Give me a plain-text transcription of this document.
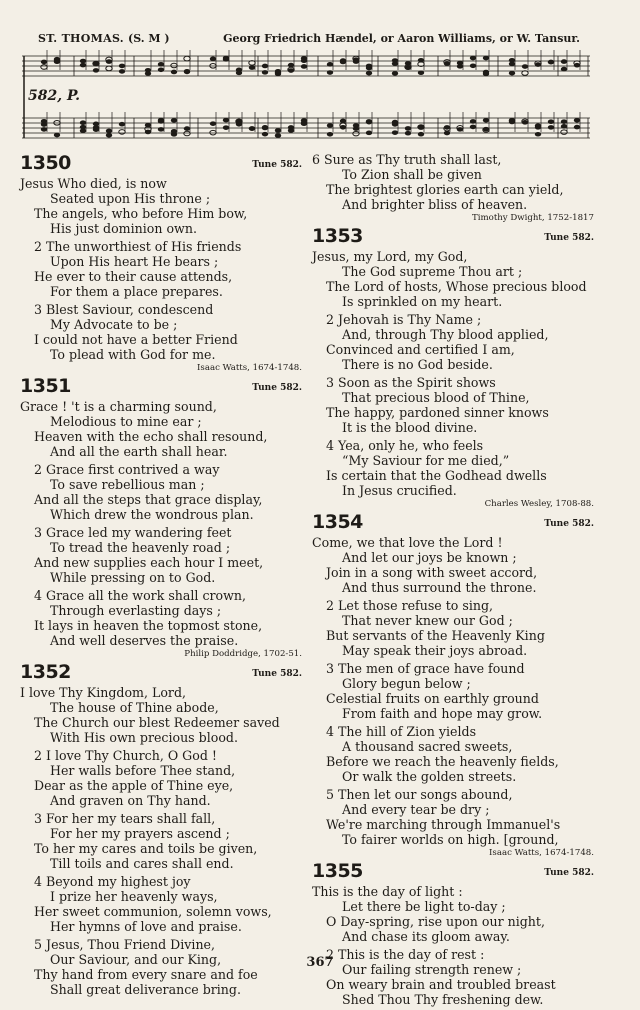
ST. THOMAS. (S. M )	Georg Friedrich Hændel, or Aaron Williams, or W. Tansur.
582, P.
1350	Tune 582.
Jesus Who died, is now
Seated upon His throne ;
The angels, who before Him bow,
His just dominion own.
2 The unworthiest of His friends
Upon His heart He bears ;
He ever to their cause attends,
For them a place prepares.
3 Blest Saviour, condescend
My Advocate to be ;
I could not have a better Friend
To plead with God for me.
Isaac Watts, 1674-1748.
1351	Tune 582.
Grace ! 't is a charming sound,
Melodious to mine ear ;
Heaven with the echo shall resound,
And all the earth shall hear.
2 Grace first contrived a way
To save rebellious man ;
And all the steps that grace display,
Which drew the wondrous plan.
3 Grace led my wandering feet
To tread the heavenly road ;
And new supplies each hour I meet,
While pressing on to God.
4 Grace all the work shall crown,
Through everlasting days ;
It lays in heaven the topmost stone,
And well deserves the praise.
Philip Doddridge, 1702-51.
1352	Tune 582.
I love Thy Kingdom, Lord,
The house of Thine abode,
The Church our blest Redeemer saved
With His own precious blood.
2 I love Thy Church, O God !
Her walls before Thee stand,
Dear as the apple of Thine eye,
And graven on Thy hand.
3 For her my tears shall fall,
For her my prayers ascend ;
To her my cares and toils be given,
Till toils and cares shall end.
4 Beyond my highest joy
I prize her heavenly ways,
Her sweet communion, solemn vows,
Her hymns of love and praise.
5 Jesus, Thou Friend Divine,
Our Saviour, and our King,
Thy hand from every snare and foe
Shall great deliverance bring.
6 Sure as Thy truth shall last,
To Zion shall be given
The brightest glories earth can yield,
And brighter bliss of heaven.
Timothy Dwight, 1752-1817
1353	Tune 582.
Jesus, my Lord, my God,
The God supreme Thou art ;
The Lord of hosts, Whose precious blood
Is sprinkled on my heart.
2 Jehovah is Thy Name ;
And, through Thy blood applied,
Convinced and certified I am,
There is no God beside.
3 Soon as the Spirit shows
That precious blood of Thine,
The happy, pardoned sinner knows
It is the blood divine.
4 Yea, only he, who feels
“My Saviour for me died,”
Is certain that the Godhead dwells
In Jesus crucified.
Charles Wesley, 1708-88.
1354	Tune 582.
Come, we that love the Lord !
And let our joys be known ;
Join in a song with sweet accord,
And thus surround the throne.
2 Let those refuse to sing,
That never knew our God ;
But servants of the Heavenly King
May speak their joys abroad.
3 The men of grace have found
Glory begun below ;
Celestial fruits on earthly ground
From faith and hope may grow.
4 The hill of Zion yields
A thousand sacred sweets,
Before we reach the heavenly fields,
Or walk the golden streets.
5 Then let our songs abound,
And every tear be dry ;
We're marching through Immanuel's
To fairer worlds on high. [ground,
Isaac Watts, 1674-1748.
1355	Tune 582.
This is the day of light :
Let there be light to-day ;
O Day-spring, rise upon our night,
And chase its gloom away.
2 This is the day of rest :
Our failing strength renew ;
On weary brain and troubled breast
Shed Thou Thy freshening dew.
367
